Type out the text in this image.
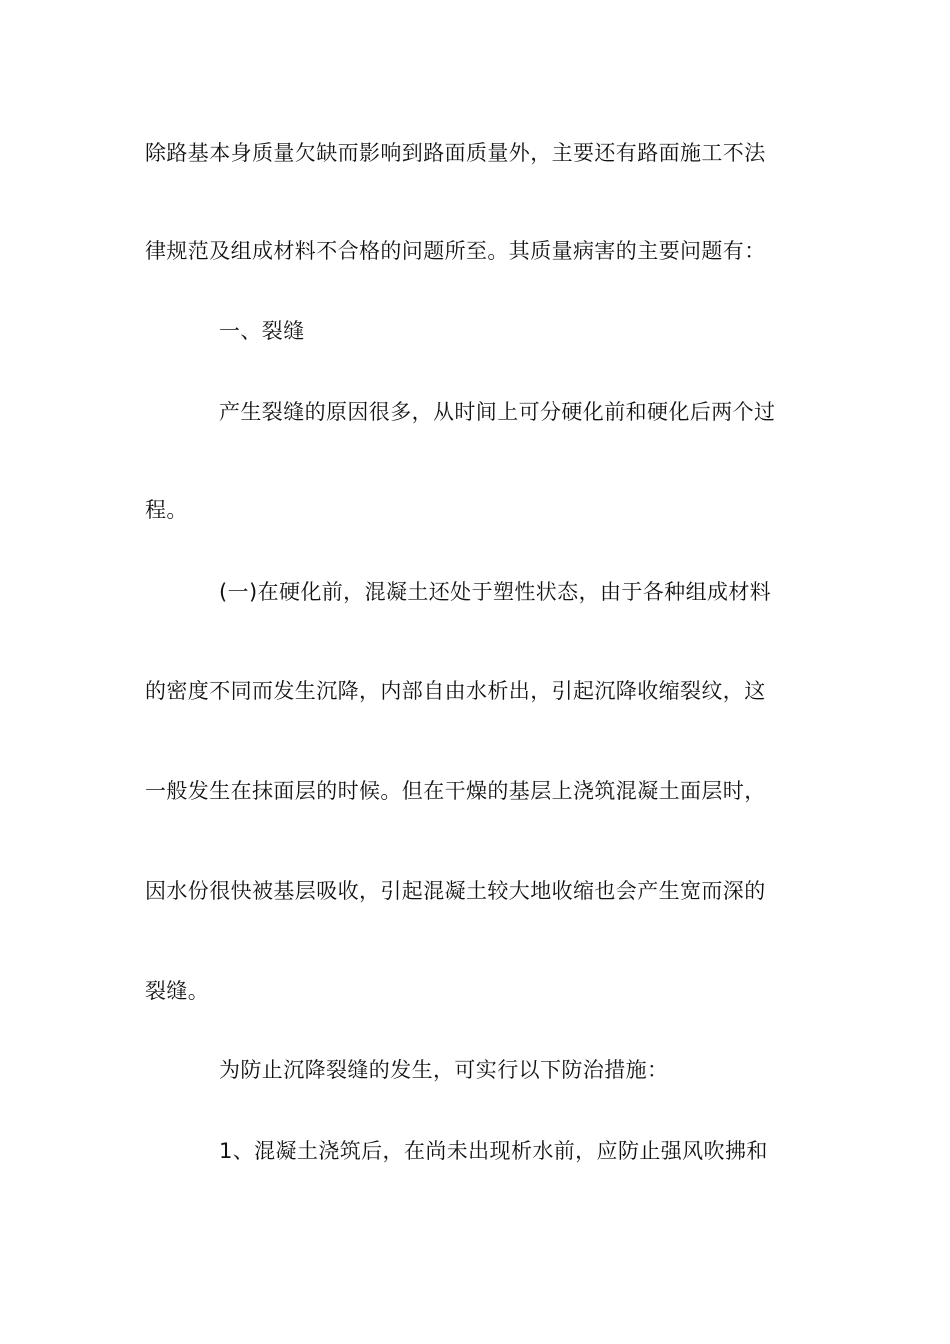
除路基本身质量欠缺而影响到路面质量外，主要还有路面施工不法
律规范及组成材料不合格的问题所至。其质量病害的主要问题有：
一、裂缝
产生裂缝的原因很多，从时间上可分硬化前和硬化后两个过
程。
(一)在硬化前，混凝土还处于塑性状态，由于各种组成材料
的密度不同而发生沉降，内部自由水析出，引起沉降收缩裂纹，这
一般发生在抹面层的时候。但在干燥的基层上浇筑混凝土面层时，
因水份很快被基层吸收，引起混凝土较大地收缩也会产生宽而深的
裂缝。
为防止沉降裂缝的发生，可实行以下防治措施：
1、混凝土浇筑后，在尚未出现析水前，应防止强风吹拂和
